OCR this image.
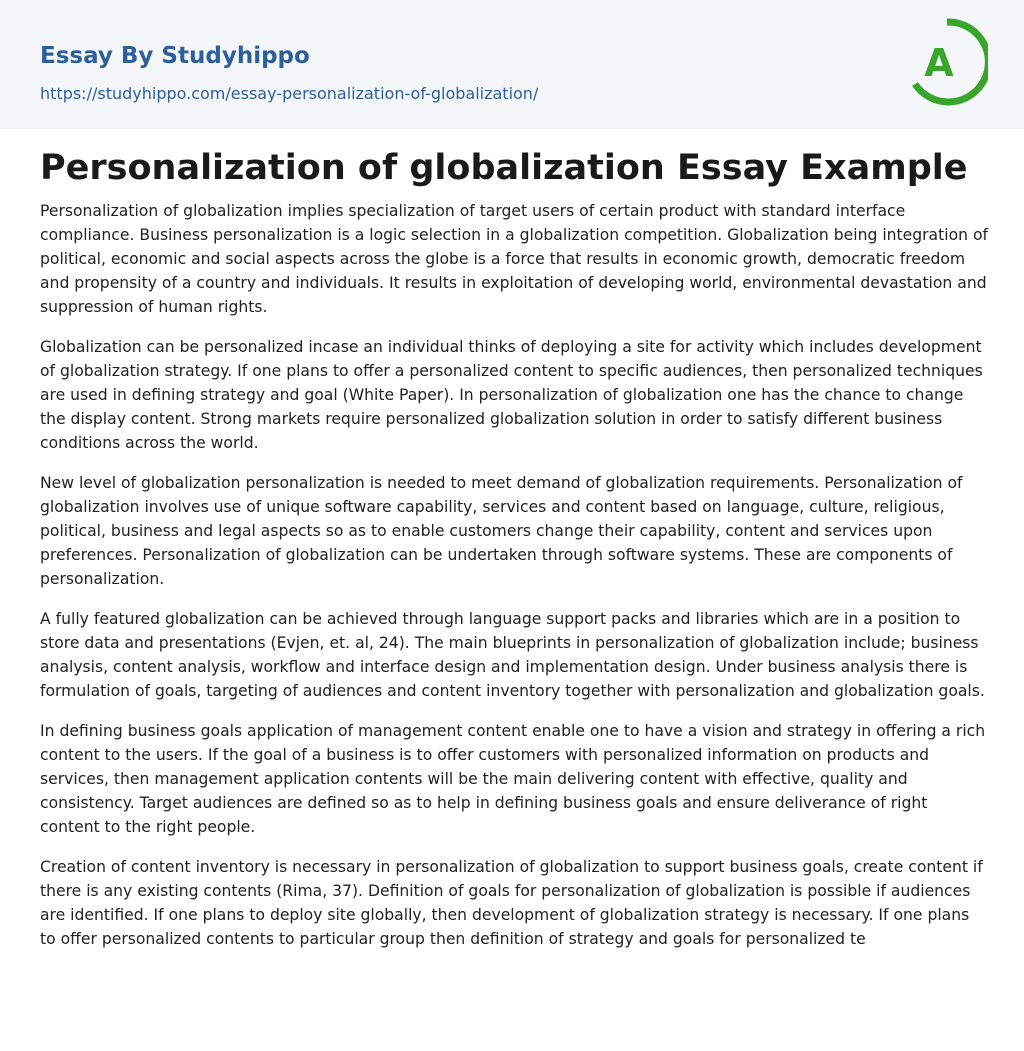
Essay By Studyhippo
https://studyhippo.com/essay-personalization-of-globalization/
A
Personalization of globalization Essay Example

Personalization of globalization implies specialization of target users of certain product with standard interface compliance. Business personalization is a logic selection in a globalization competition. Globalization being integration of political, economic and social aspects across the globe is a force that results in economic growth, democratic freedom and propensity of a country and individuals. It results in exploitation of developing world, environmental devastation and suppression of human rights.

Globalization can be personalized incase an individual thinks of deploying a site for activity which includes development of globalization strategy. If one plans to offer a personalized content to specific audiences, then personalized techniques are used in defining strategy and goal (White Paper). In personalization of globalization one has the chance to change the display content. Strong markets require personalized globalization solution in order to satisfy different business conditions across the world.

New level of globalization personalization is needed to meet demand of globalization requirements. Personalization of globalization involves use of unique software capability, services and content based on language, culture, religious, political, business and legal aspects so as to enable customers change their capability, content and services upon preferences. Personalization of globalization can be undertaken through software systems. These are components of personalization.

A fully featured globalization can be achieved through language support packs and libraries which are in a position to store data and presentations (Evjen, et. al, 24). The main blueprints in personalization of globalization include; business analysis, content analysis, workflow and interface design and implementation design. Under business analysis there is formulation of goals, targeting of audiences and content inventory together with personalization and globalization goals.

In defining business goals application of management content enable one to have a vision and strategy in offering a rich content to the users. If the goal of a business is to offer customers with personalized information on products and services, then management application contents will be the main delivering content with effective, quality and consistency. Target audiences are defined so as to help in defining business goals and ensure deliverance of right content to the right people.

Creation of content inventory is necessary in personalization of globalization to support business goals, create content if there is any existing contents (Rima, 37). Definition of goals for personalization of globalization is possible if audiences are identified. If one plans to deploy site globally, then development of globalization strategy is necessary. If one plans to offer personalized contents to particular group then definition of strategy and goals for personalized te
